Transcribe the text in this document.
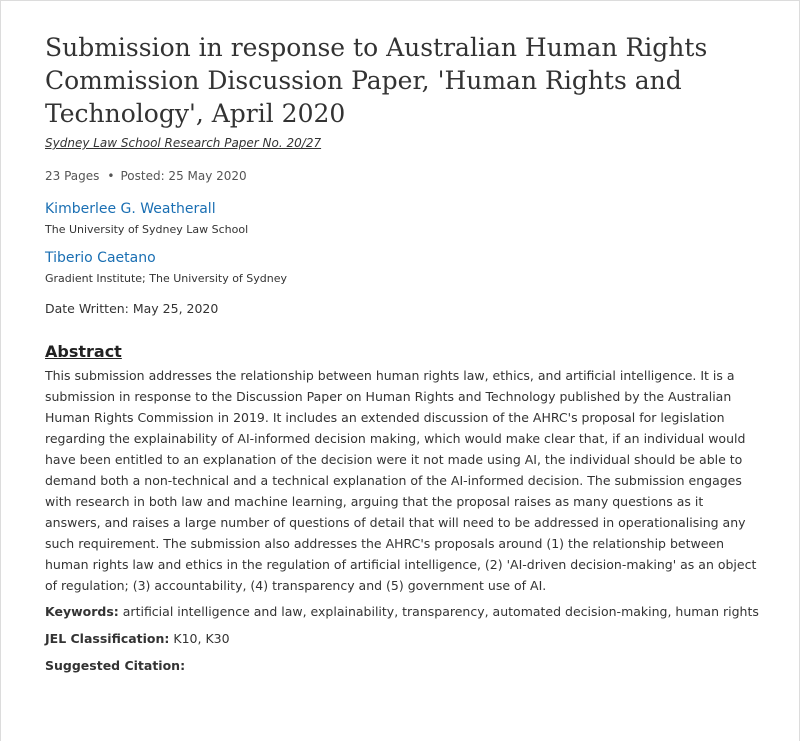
Submission in response to Australian Human Rights Commission Discussion Paper, 'Human Rights and Technology', April 2020
Sydney Law School Research Paper No. 20/27
23 Pages • Posted: 25 May 2020
Kimberlee G. Weatherall
The University of Sydney Law School
Tiberio Caetano
Gradient Institute; The University of Sydney
Date Written: May 25, 2020
Abstract
This submission addresses the relationship between human rights law, ethics, and artificial intelligence. It is a submission in response to the Discussion Paper on Human Rights and Technology published by the Australian Human Rights Commission in 2019. It includes an extended discussion of the AHRC's proposal for legislation regarding the explainability of AI-informed decision making, which would make clear that, if an individual would have been entitled to an explanation of the decision were it not made using AI, the individual should be able to demand both a non-technical and a technical explanation of the AI-informed decision. The submission engages with research in both law and machine learning, arguing that the proposal raises as many questions as it answers, and raises a large number of questions of detail that will need to be addressed in operationalising any such requirement. The submission also addresses the AHRC's proposals around (1) the relationship between human rights law and ethics in the regulation of artificial intelligence, (2) 'AI-driven decision-making' as an object of regulation; (3) accountability, (4) transparency and (5) government use of AI.
Keywords: artificial intelligence and law, explainability, transparency, automated decision-making, human rights
JEL Classification: K10, K30
Suggested Citation:
